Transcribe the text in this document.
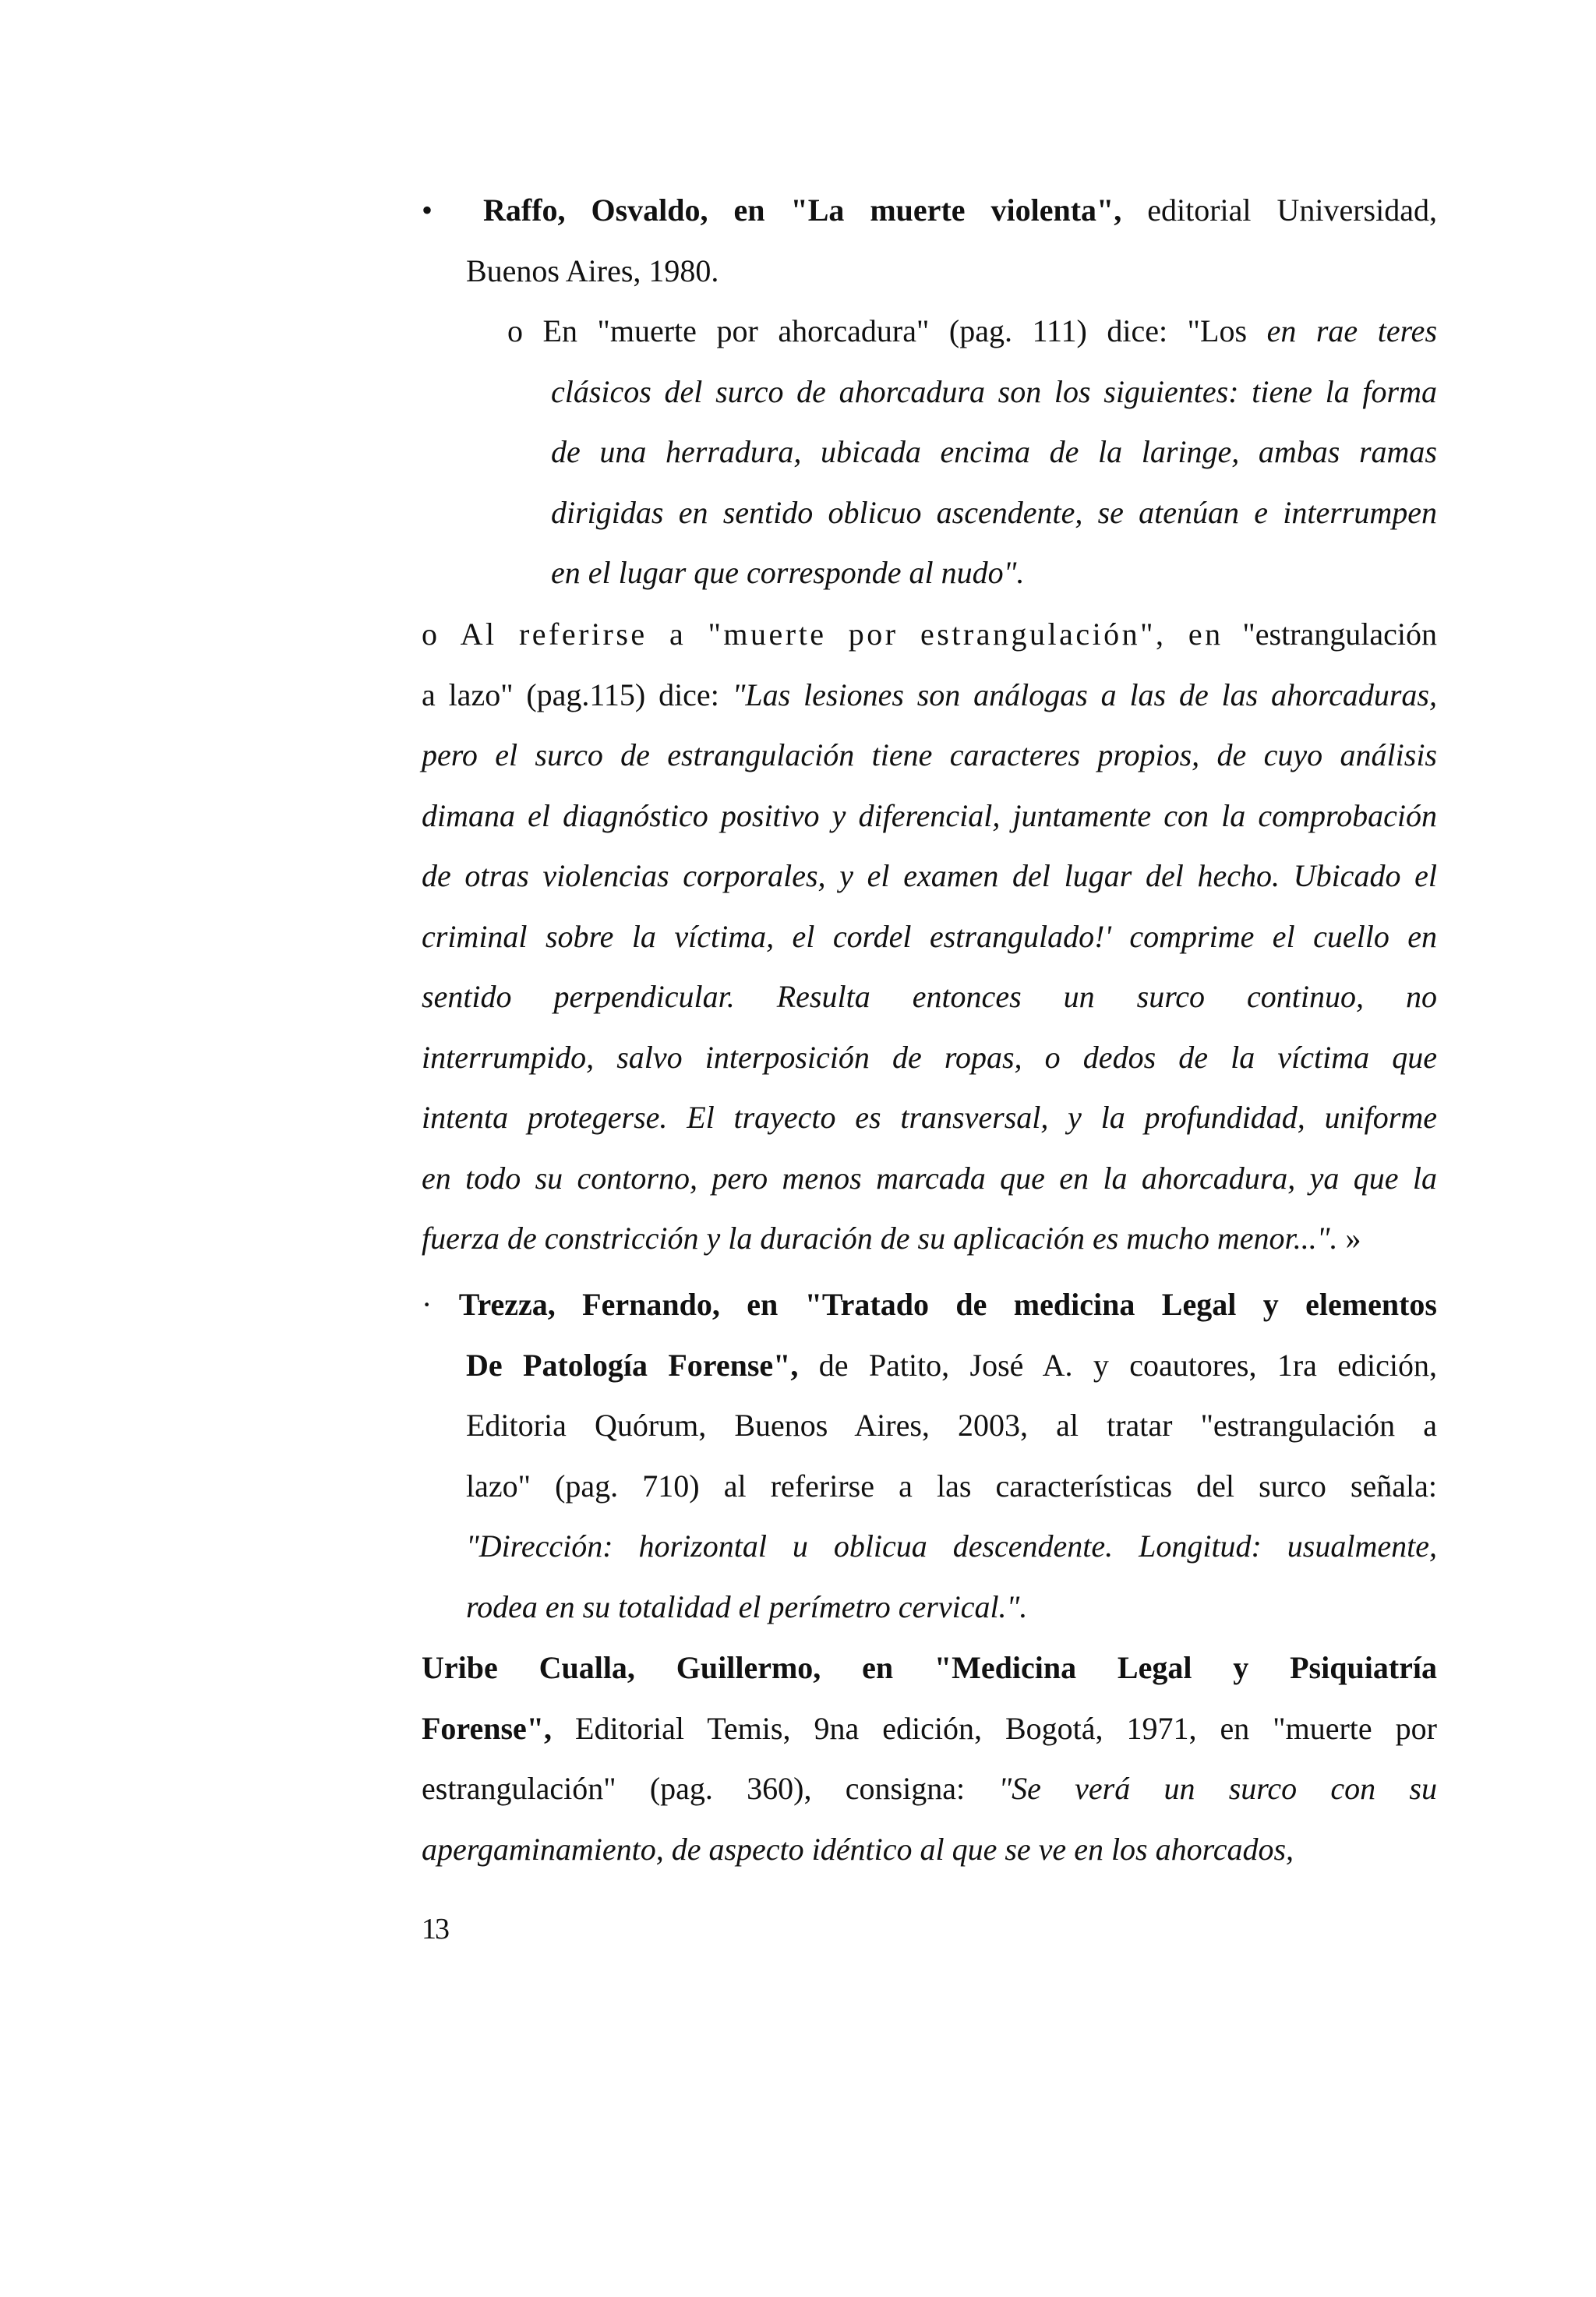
•	Raffo, Osvaldo, en "La muerte violenta", editorial Universidad,
Buenos Aires, 1980.
o En "muerte por ahorcadura" (pag. 111) dice: "Los en rae teres
clásicos del surco de ahorcadura son los siguientes: tiene la forma
de una herradura, ubicada encima de la laringe, ambas ramas
dirigidas en sentido oblicuo ascendente, se atenúan e interrumpen
en el lugar que corresponde al nudo".
o Al referirse a "muerte por estrangulación", en "estrangulación
a lazo" (pag.115) dice: "Las lesiones son análogas a las de las ahorcaduras,
pero el surco de estrangulación tiene caracteres propios, de cuyo análisis
dimana el diagnóstico positivo y diferencial, juntamente con la comprobación
de otras violencias corporales, y el examen del lugar del hecho. Ubicado el
criminal sobre la víctima, el cordel estrangulado!' comprime el cuello en
sentido perpendicular. Resulta entonces un surco continuo, no
interrumpido, salvo interposición de ropas, o dedos de la víctima que
intenta protegerse. El trayecto es transversal, y la profundidad, uniforme
en todo su contorno, pero menos marcada que en la ahorcadura, ya que la
fuerza de constricción y la duración de su aplicación es mucho menor...". »
· Trezza, Fernando, en "Tratado de medicina Legal y elementos
De Patología Forense", de Patito, José A. y coautores, 1ra edición,
Editoria Quórum, Buenos Aires, 2003, al tratar "estrangulación a
lazo" (pag. 710) al referirse a las características del surco señala:
"Dirección: horizontal u oblicua descendente. Longitud: usualmente,
rodea en su totalidad el perímetro cervical.".
Uribe Cualla, Guillermo, en "Medicina Legal y Psiquiatría
Forense", Editorial Temis, 9na edición, Bogotá, 1971, en "muerte por
estrangulación" (pag. 360), consigna: "Se verá un surco con su
apergaminamiento, de aspecto idéntico al que se ve en los ahorcados,
13
